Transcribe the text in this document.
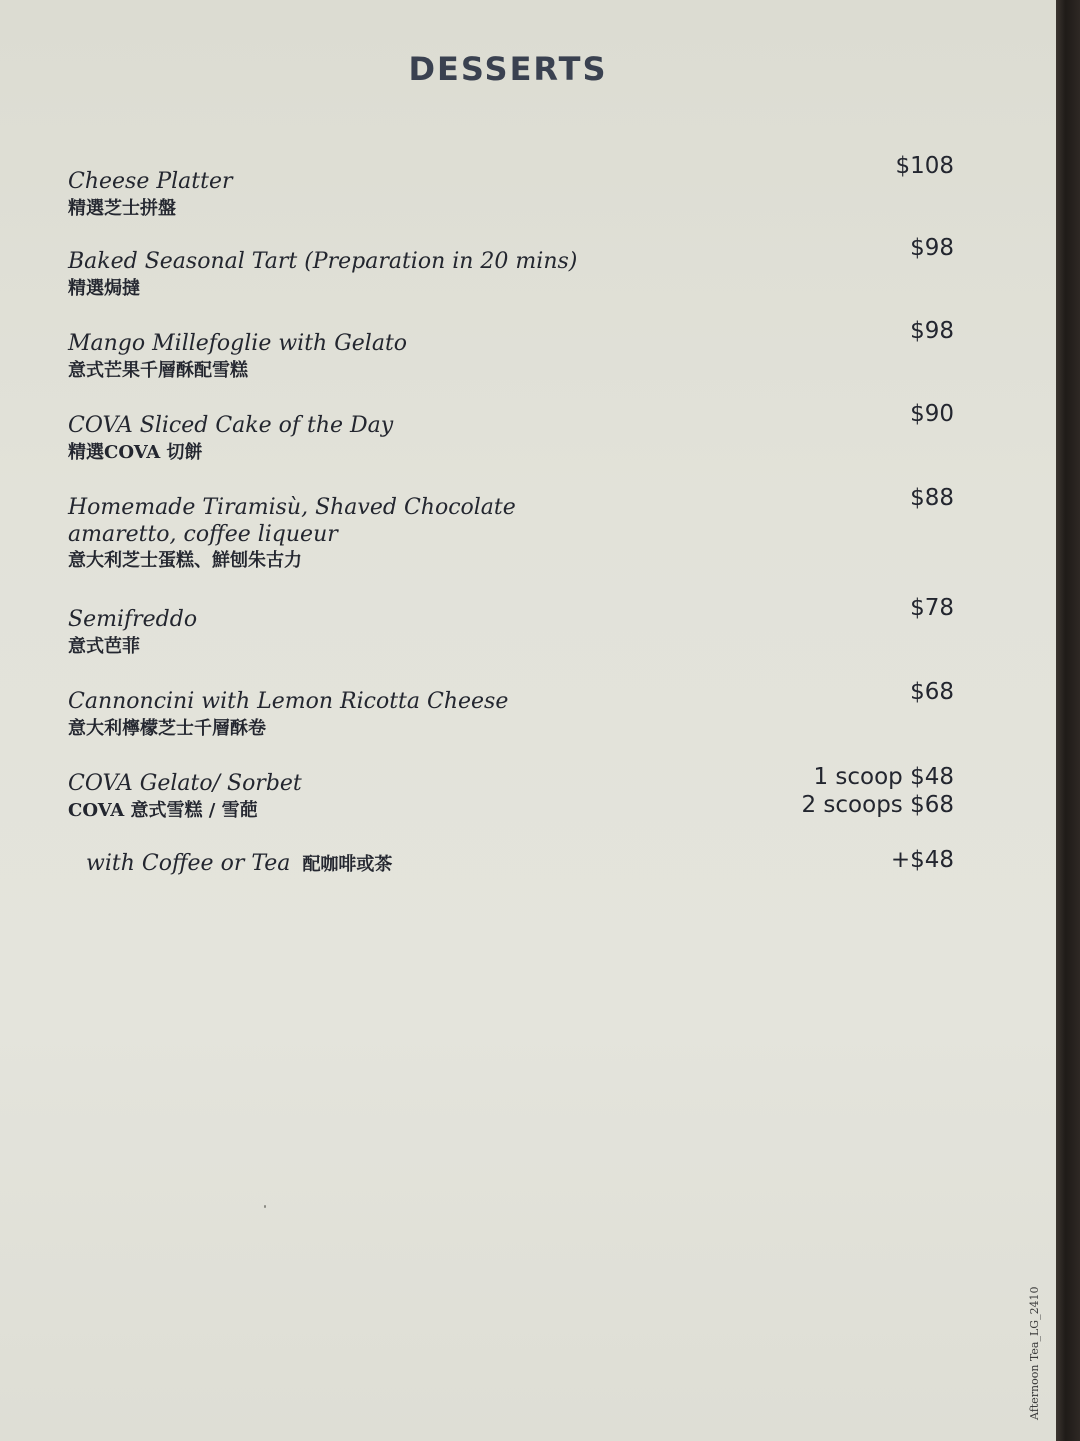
DESSERTS
Cheese Platter
精選芝士拼盤
$108
Baked Seasonal Tart (Preparation in 20 mins)
精選焗撻
$98
Mango Millefoglie with Gelato
意式芒果千層酥配雪糕
$98
COVA Sliced Cake of the Day
精選COVA 切餅
$90
Homemade Tiramisù, Shaved Chocolate
amaretto, coffee liqueur
意大利芝士蛋糕、鮮刨朱古力
$88
Semifreddo
意式芭菲
$78
Cannoncini with Lemon Ricotta Cheese
意大利檸檬芝士千層酥卷
$68
COVA Gelato/ Sorbet
COVA 意式雪糕 / 雪葩
1 scoop $48
2 scoops $68
with Coffee or Tea 配咖啡或茶	+$48
Afternoon Tea_LG_2410
